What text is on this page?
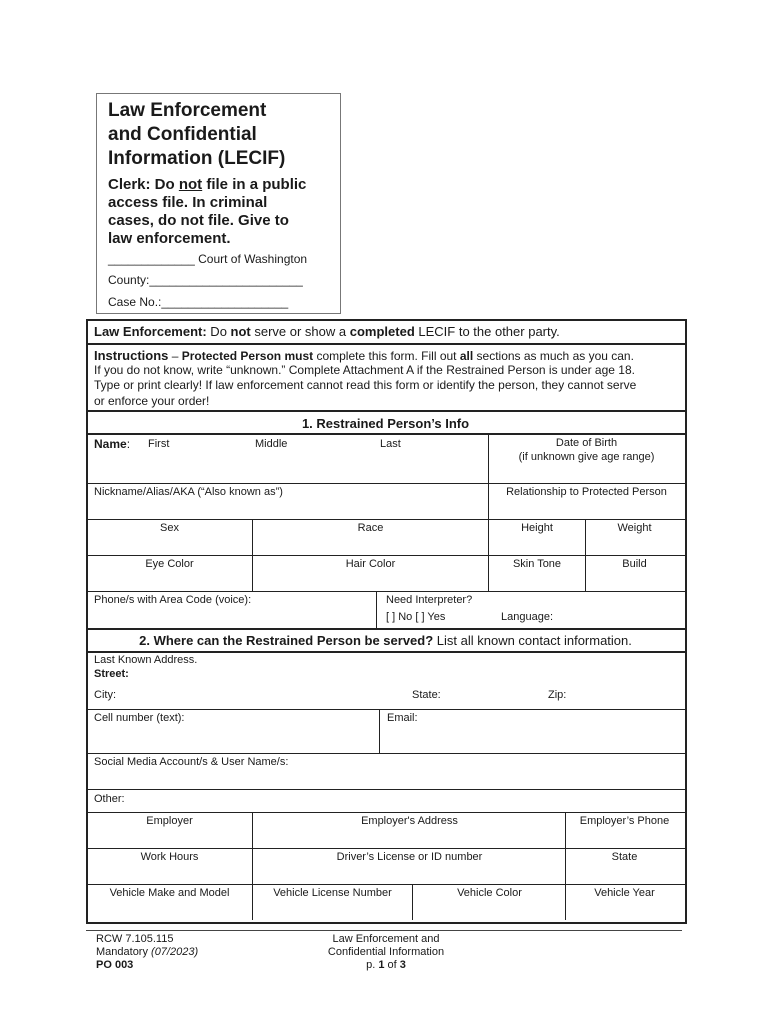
Law Enforcement
and Confidential
Information (LECIF)
Clerk: Do not file in a public
access file. In criminal
cases, do not file. Give to
law enforcement.
_____________ Court of Washington
County:_______________________
Case No.:___________________
Law Enforcement: Do not serve or show a completed LECIF to the other party.
Instructions – Protected Person must complete this form. Fill out all sections as much as you can.
If you do not know, write “unknown.” Complete Attachment A if the Restrained Person is under age 18.
Type or print clearly! If law enforcement cannot read this form or identify the person, they cannot serve
or enforce your order!
1. Restrained Person’s Info
Name: First	Middle	Last	Date of Birth
(if unknown give age range)
Nickname/Alias/AKA (“Also known as”)	Relationship to Protected Person
Sex	Race	Height	Weight
Eye Color	Hair Color	Skin Tone	Build
Phone/s with Area Code (voice):	Need Interpreter?
[ ] No [ ] Yes	Language:
2. Where can the Restrained Person be served? List all known contact information.
Last Known Address.
Street:
City:	State:	Zip:
Cell number (text):	Email:
Social Media Account/s & User Name/s:
Other:
Employer	Employer's Address	Employer’s Phone
Work Hours	Driver’s License or ID number	State
Vehicle Make and Model	Vehicle License Number	Vehicle Color	Vehicle Year
RCW 7.105.115
Mandatory (07/2023)
PO 003
Law Enforcement and
Confidential Information
p. 1 of 3
